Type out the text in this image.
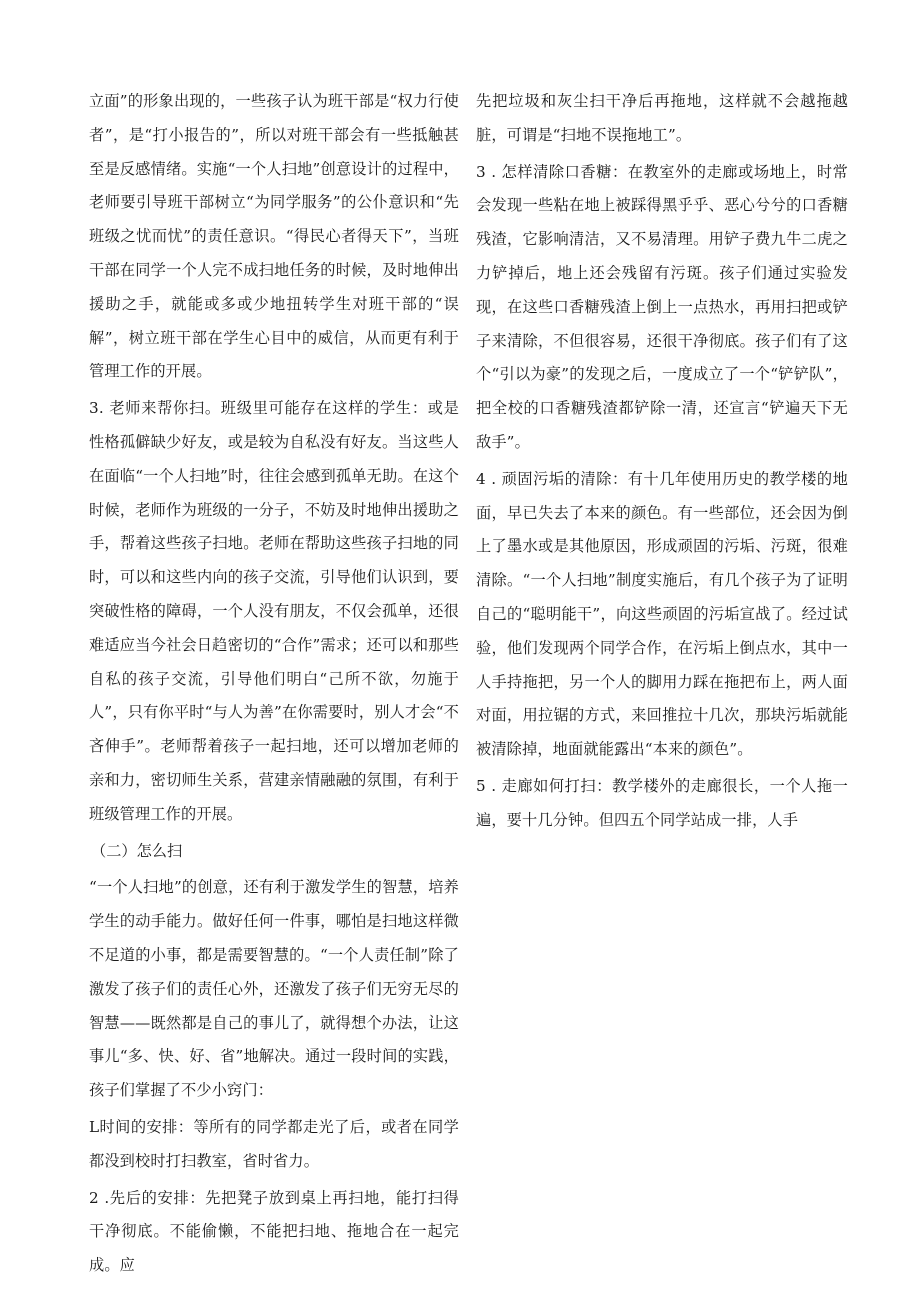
立面”的形象出现的，一些孩子认为班干部是“权力行使者”，是“打小报告的”，所以对班干部会有一些抵触甚至是反感情绪。实施“一个人扫地”创意设计的过程中，老师要引导班干部树立“为同学服务”的公仆意识和“先班级之忧而忧”的责任意识。“得民心者得天下”，当班干部在同学一个人完不成扫地任务的时候，及时地伸出援助之手，就能或多或少地扭转学生对班干部的“误解”，树立班干部在学生心目中的威信，从而更有利于管理工作的开展。

3. 老师来帮你扫。班级里可能存在这样的学生：或是性格孤僻缺少好友，或是较为自私没有好友。当这些人在面临“一个人扫地”时，往往会感到孤单无助。在这个时候，老师作为班级的一分子，不妨及时地伸出援助之手，帮着这些孩子扫地。老师在帮助这些孩子扫地的同时，可以和这些内向的孩子交流，引导他们认识到，要突破性格的障碍，一个人没有朋友，不仅会孤单，还很难适应当今社会日趋密切的“合作”需求；还可以和那些自私的孩子交流，引导他们明白“己所不欲，勿施于人”，只有你平时“与人为善”在你需要时，别人才会“不吝伸手”。老师帮着孩子一起扫地，还可以增加老师的亲和力，密切师生关系，营建亲情融融的氛围，有利于班级管理工作的开展。

（二）怎么扫

“一个人扫地”的创意，还有利于激发学生的智慧，培养学生的动手能力。做好任何一件事，哪怕是扫地这样微不足道的小事，都是需要智慧的。“一个人责任制”除了激发了孩子们的责任心外，还激发了孩子们无穷无尽的智慧——既然都是自己的事儿了，就得想个办法，让这事儿“多、快、好、省”地解决。通过一段时间的实践，孩子们掌握了不少小窍门：

L时间的安排：等所有的同学都走光了后，或者在同学都没到校时打扫教室，省时省力。

2 .先后的安排：先把凳子放到桌上再扫地，能打扫得干净彻底。不能偷懒，不能把扫地、拖地合在一起完成。应

先把垃圾和灰尘扫干净后再拖地，这样就不会越拖越脏，可谓是“扫地不误拖地工”。

3 . 怎样清除口香糖：在教室外的走廊或场地上，时常会发现一些粘在地上被踩得黑乎乎、恶心兮兮的口香糖残渣，它影响清洁，又不易清理。用铲子费九牛二虎之力铲掉后，地上还会残留有污斑。孩子们通过实验发现，在这些口香糖残渣上倒上一点热水，再用扫把或铲子来清除，不但很容易，还很干净彻底。孩子们有了这个“引以为豪”的发现之后，一度成立了一个“铲铲队”，把全校的口香糖残渣都铲除一清，还宣言“铲遍天下无敌手”。

4 . 顽固污垢的清除：有十几年使用历史的教学楼的地面，早已失去了本来的颜色。有一些部位，还会因为倒上了墨水或是其他原因，形成顽固的污垢、污斑，很难清除。“一个人扫地”制度实施后，有几个孩子为了证明自己的“聪明能干”，向这些顽固的污垢宣战了。经过试验，他们发现两个同学合作，在污垢上倒点水，其中一人手持拖把，另一个人的脚用力踩在拖把布上，两人面对面，用拉锯的方式，来回推拉十几次，那块污垢就能被清除掉，地面就能露出“本来的颜色”。

5 . 走廊如何打扫：教学楼外的走廊很长，一个人拖一遍，要十几分钟。但四五个同学站成一排，人手
